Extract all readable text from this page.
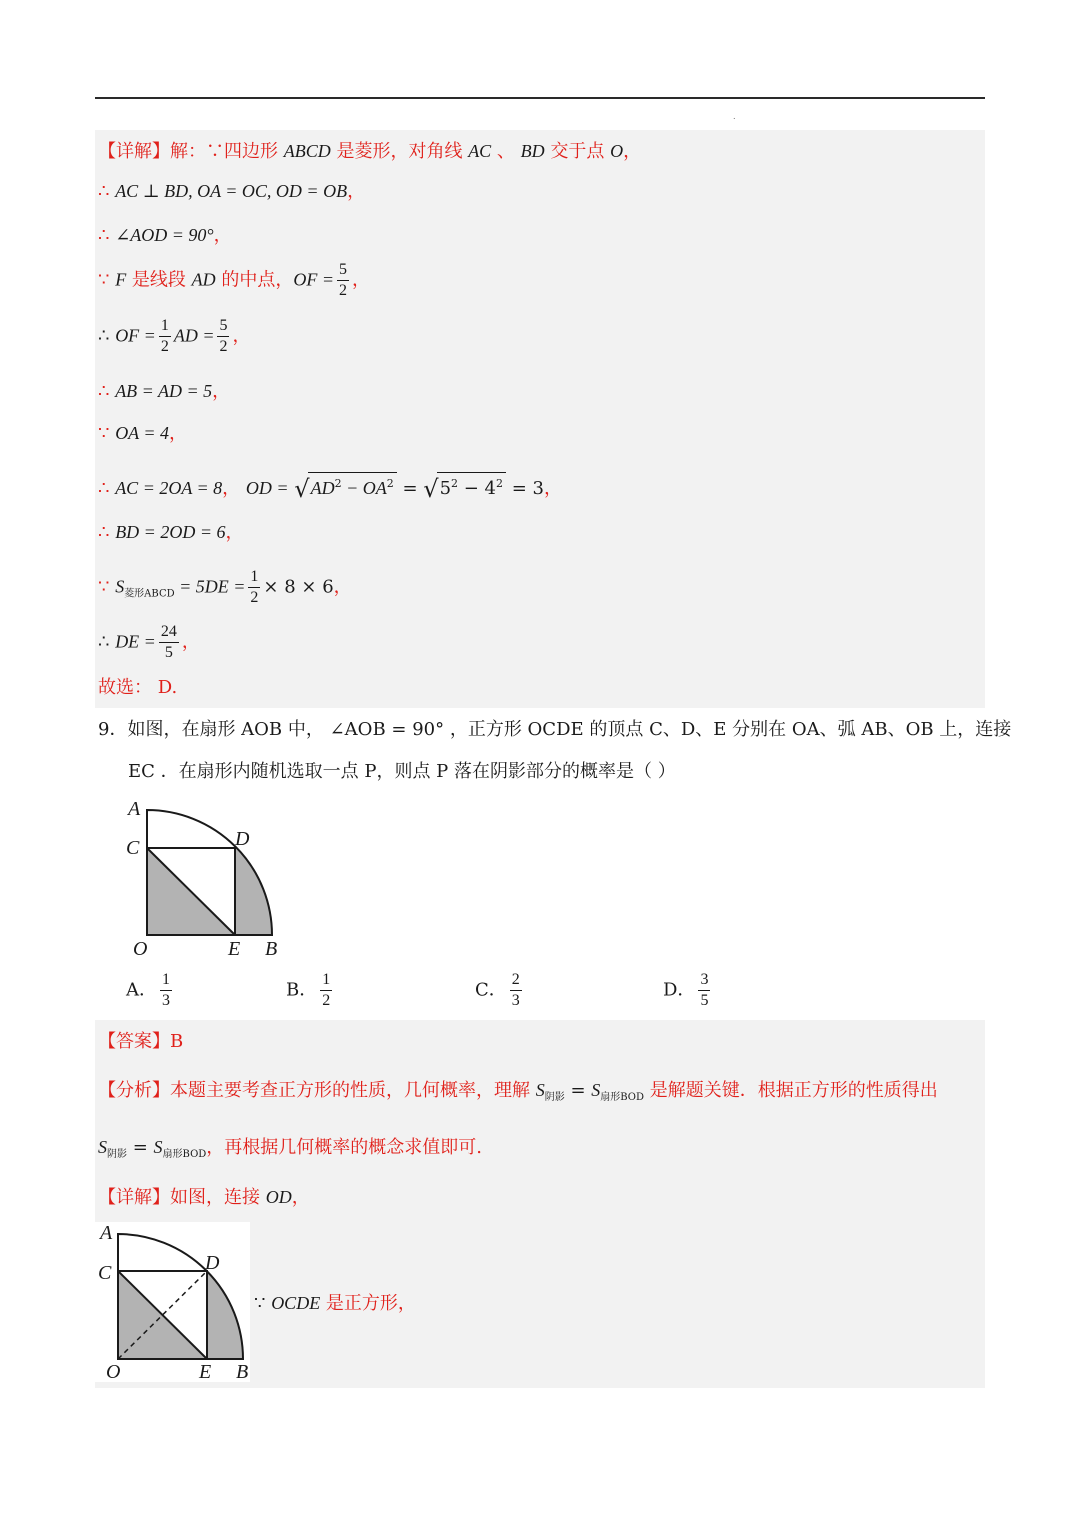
.
【详解】解：∵四边形 ABCD 是菱形，对角线 AC 、 BD 交于点 O，
∴ AC ⊥ BD, OA = OC, OD = OB，
∴ ∠AOD = 90°，
∵ F 是线段 AD 的中点，OF = $\frac{5}{2}$ ，
∴ OF = $\frac{1}{2}$ AD = $\frac{5}{2}$ ，
∴ AB = AD = 5，
∵ OA = 4，
∴ AC = 2OA = 8， OD = $√AD^2 - OA^2 = √5^2 - 4^2 = 3$，
∴ BD = 2OD = 6，
∵ $S_{菱形ABCD} = 5DE = \frac{1}{2} \times 8 \times 6$，
∴ DE = $\frac{24}{5}$ ，
故选： D.
9．如图，在扇形 AOB 中， ∠AOB = 90° ，正方形 OCDE 的顶点 C、D、E 分别在 OA、弧 AB、OB 上，连接
EC ．在扇形内随机选取一点 P，则点 P 落在阴影部分的概率是（ ）
A
C	D
O	E B
A． $\frac{1}{3}$	B． $\frac{1}{2}$	C． $\frac{2}{3}$	D． $\frac{3}{5}$
【答案】B
【分析】本题主要考查正方形的性质，几何概率，理解 $S_{阴影} = S_{扇形BOD}$ 是解题关键．根据正方形的性质得出
$S_{阴影} = S_{扇形BOD}$，再根据几何概率的概念求值即可.
【详解】如图，连接 OD，
A
C	D
O	E B
∵ OCDE 是正方形，
